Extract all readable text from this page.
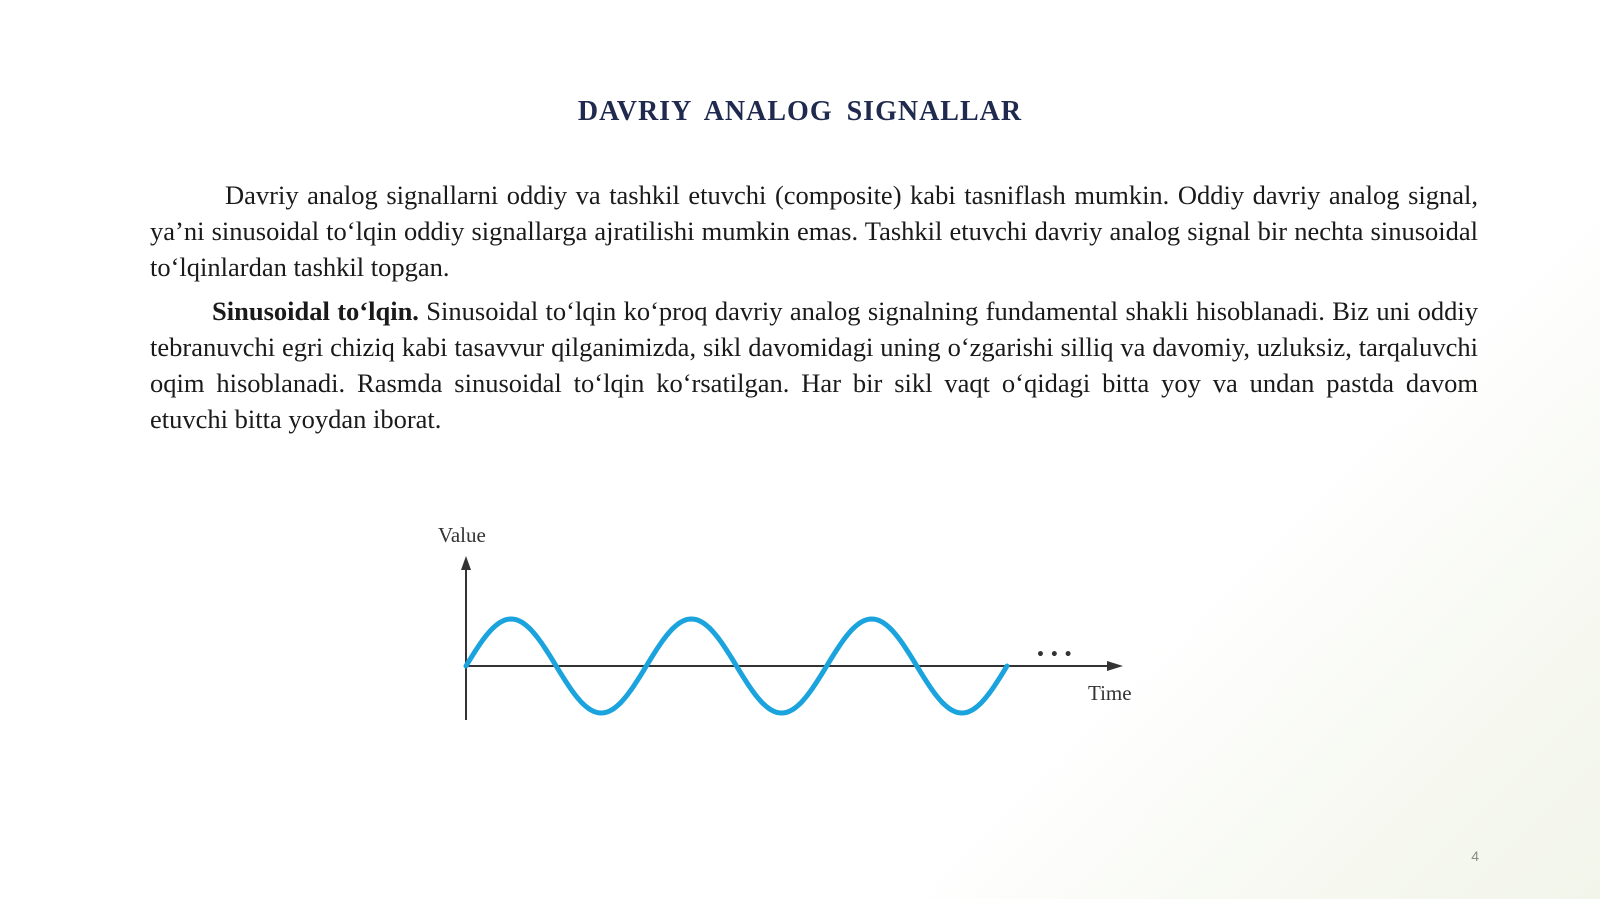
DAVRIY ANALOG SIGNALLAR

Davriy analog signallarni oddiy va tashkil etuvchi (composite) kabi tasniflash mumkin. Oddiy davriy analog signal, ya’ni sinusoidal to‘lqin oddiy signallarga ajratilishi mumkin emas. Tashkil etuvchi davriy analog signal bir nechta sinusoidal to‘lqinlardan tashkil topgan.

Sinusoidal to‘lqin. Sinusoidal to‘lqin ko‘proq davriy analog signalning fundamental shakli hisoblanadi. Biz uni oddiy tebranuvchi egri chiziq kabi tasavvur qilganimizda, sikl davomidagi uning o‘zgarishi silliq va davomiy, uzluksiz, tarqaluvchi oqim hisoblanadi. Rasmda sinusoidal to‘lqin ko‘rsatilgan. Har bir sikl vaqt o‘qidagi bitta yoy va undan pastda davom etuvchi bitta yoydan iborat.

Value
• • •
Time
4
